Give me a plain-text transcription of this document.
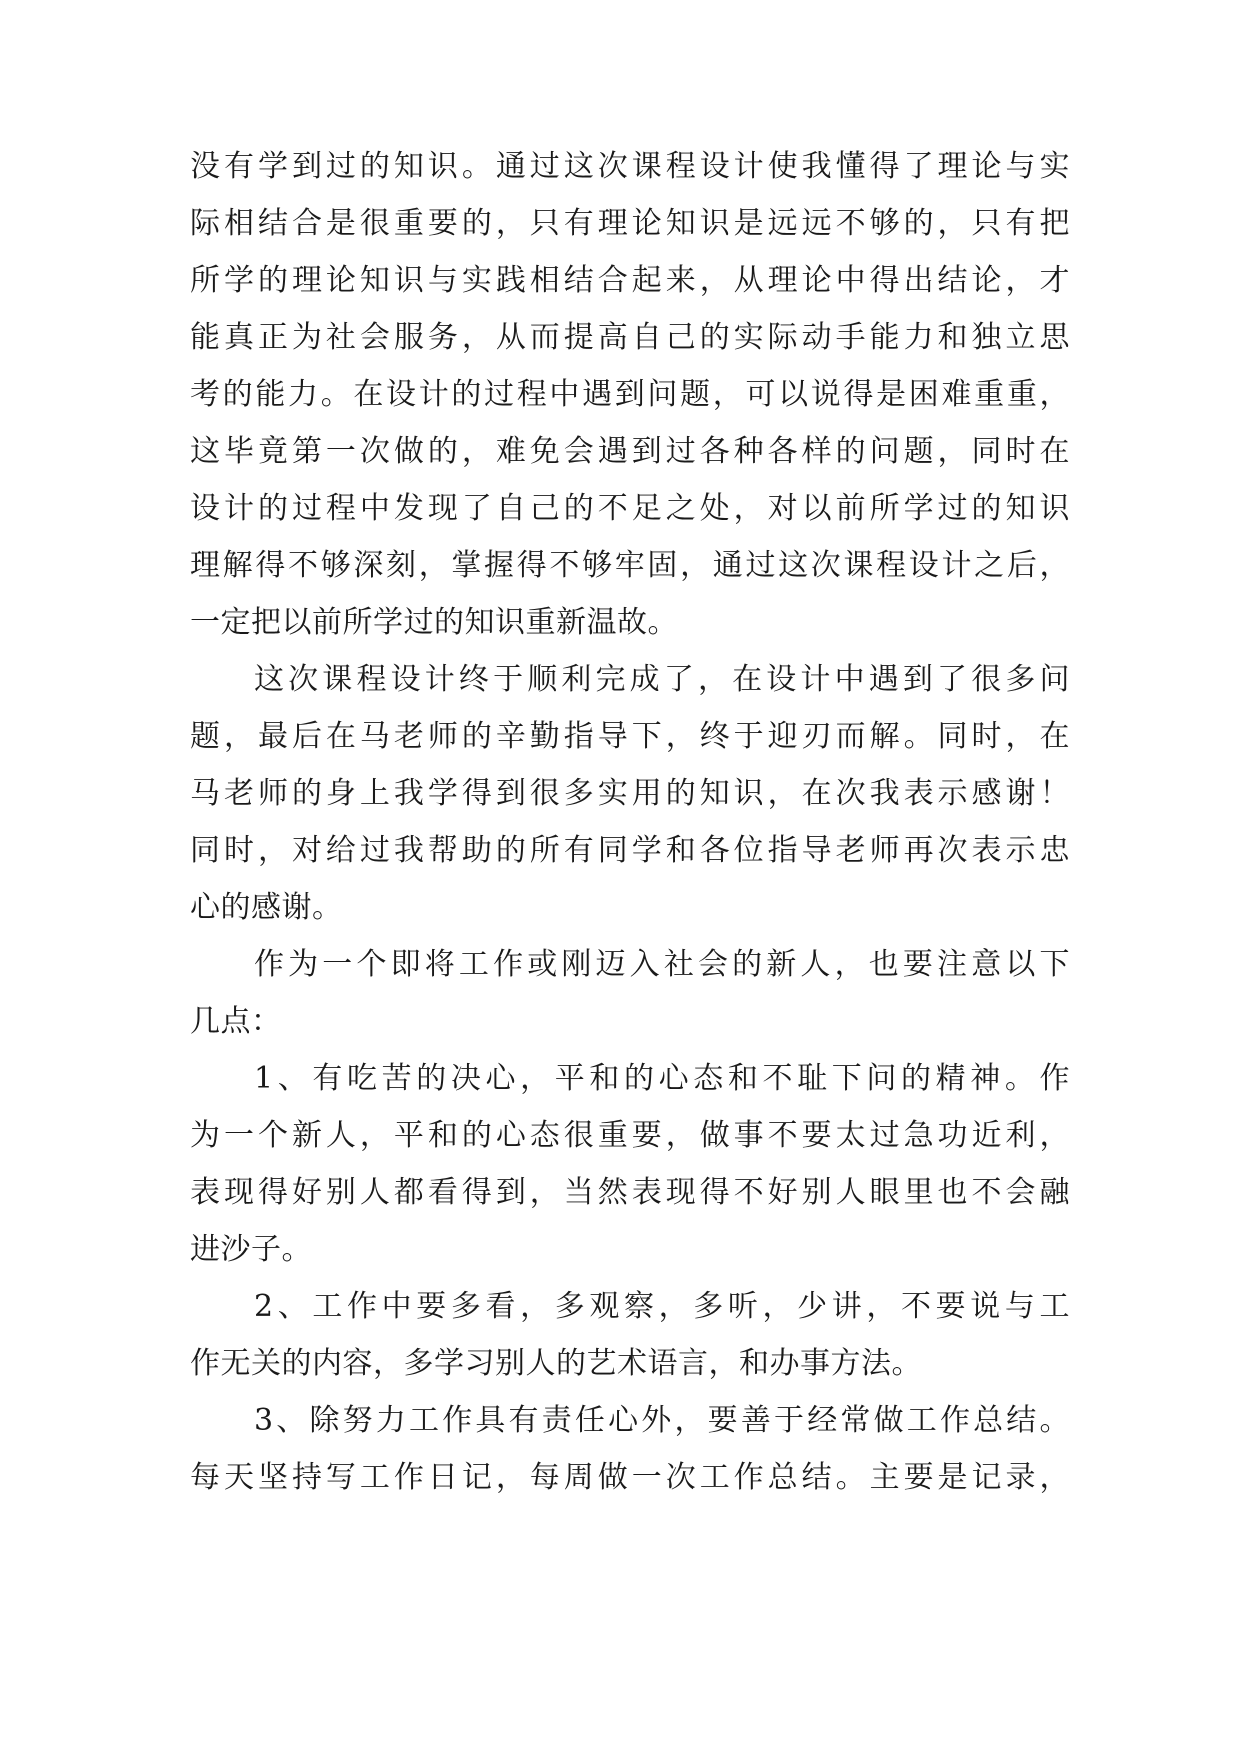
没有学到过的知识。通过这次课程设计使我懂得了理论与实
际相结合是很重要的，只有理论知识是远远不够的，只有把
所学的理论知识与实践相结合起来，从理论中得出结论，才
能真正为社会服务，从而提高自己的实际动手能力和独立思
考的能力。在设计的过程中遇到问题，可以说得是困难重重，
这毕竟第一次做的，难免会遇到过各种各样的问题，同时在
设计的过程中发现了自己的不足之处，对以前所学过的知识
理解得不够深刻，掌握得不够牢固，通过这次课程设计之后，
一定把以前所学过的知识重新温故。
这次课程设计终于顺利完成了，在设计中遇到了很多问
题，最后在马老师的辛勤指导下，终于迎刃而解。同时，在
马老师的身上我学得到很多实用的知识，在次我表示感谢！
同时，对给过我帮助的所有同学和各位指导老师再次表示忠
心的感谢。
作为一个即将工作或刚迈入社会的新人，也要注意以下
几点：
1、有吃苦的决心，平和的心态和不耻下问的精神。作
为一个新人，平和的心态很重要，做事不要太过急功近利，
表现得好别人都看得到，当然表现得不好别人眼里也不会融
进沙子。
2、工作中要多看，多观察，多听，少讲，不要说与工
作无关的内容，多学习别人的艺术语言，和办事方法。
3、除努力工作具有责任心外，要善于经常做工作总结。
每天坚持写工作日记，每周做一次工作总结。主要是记录，
